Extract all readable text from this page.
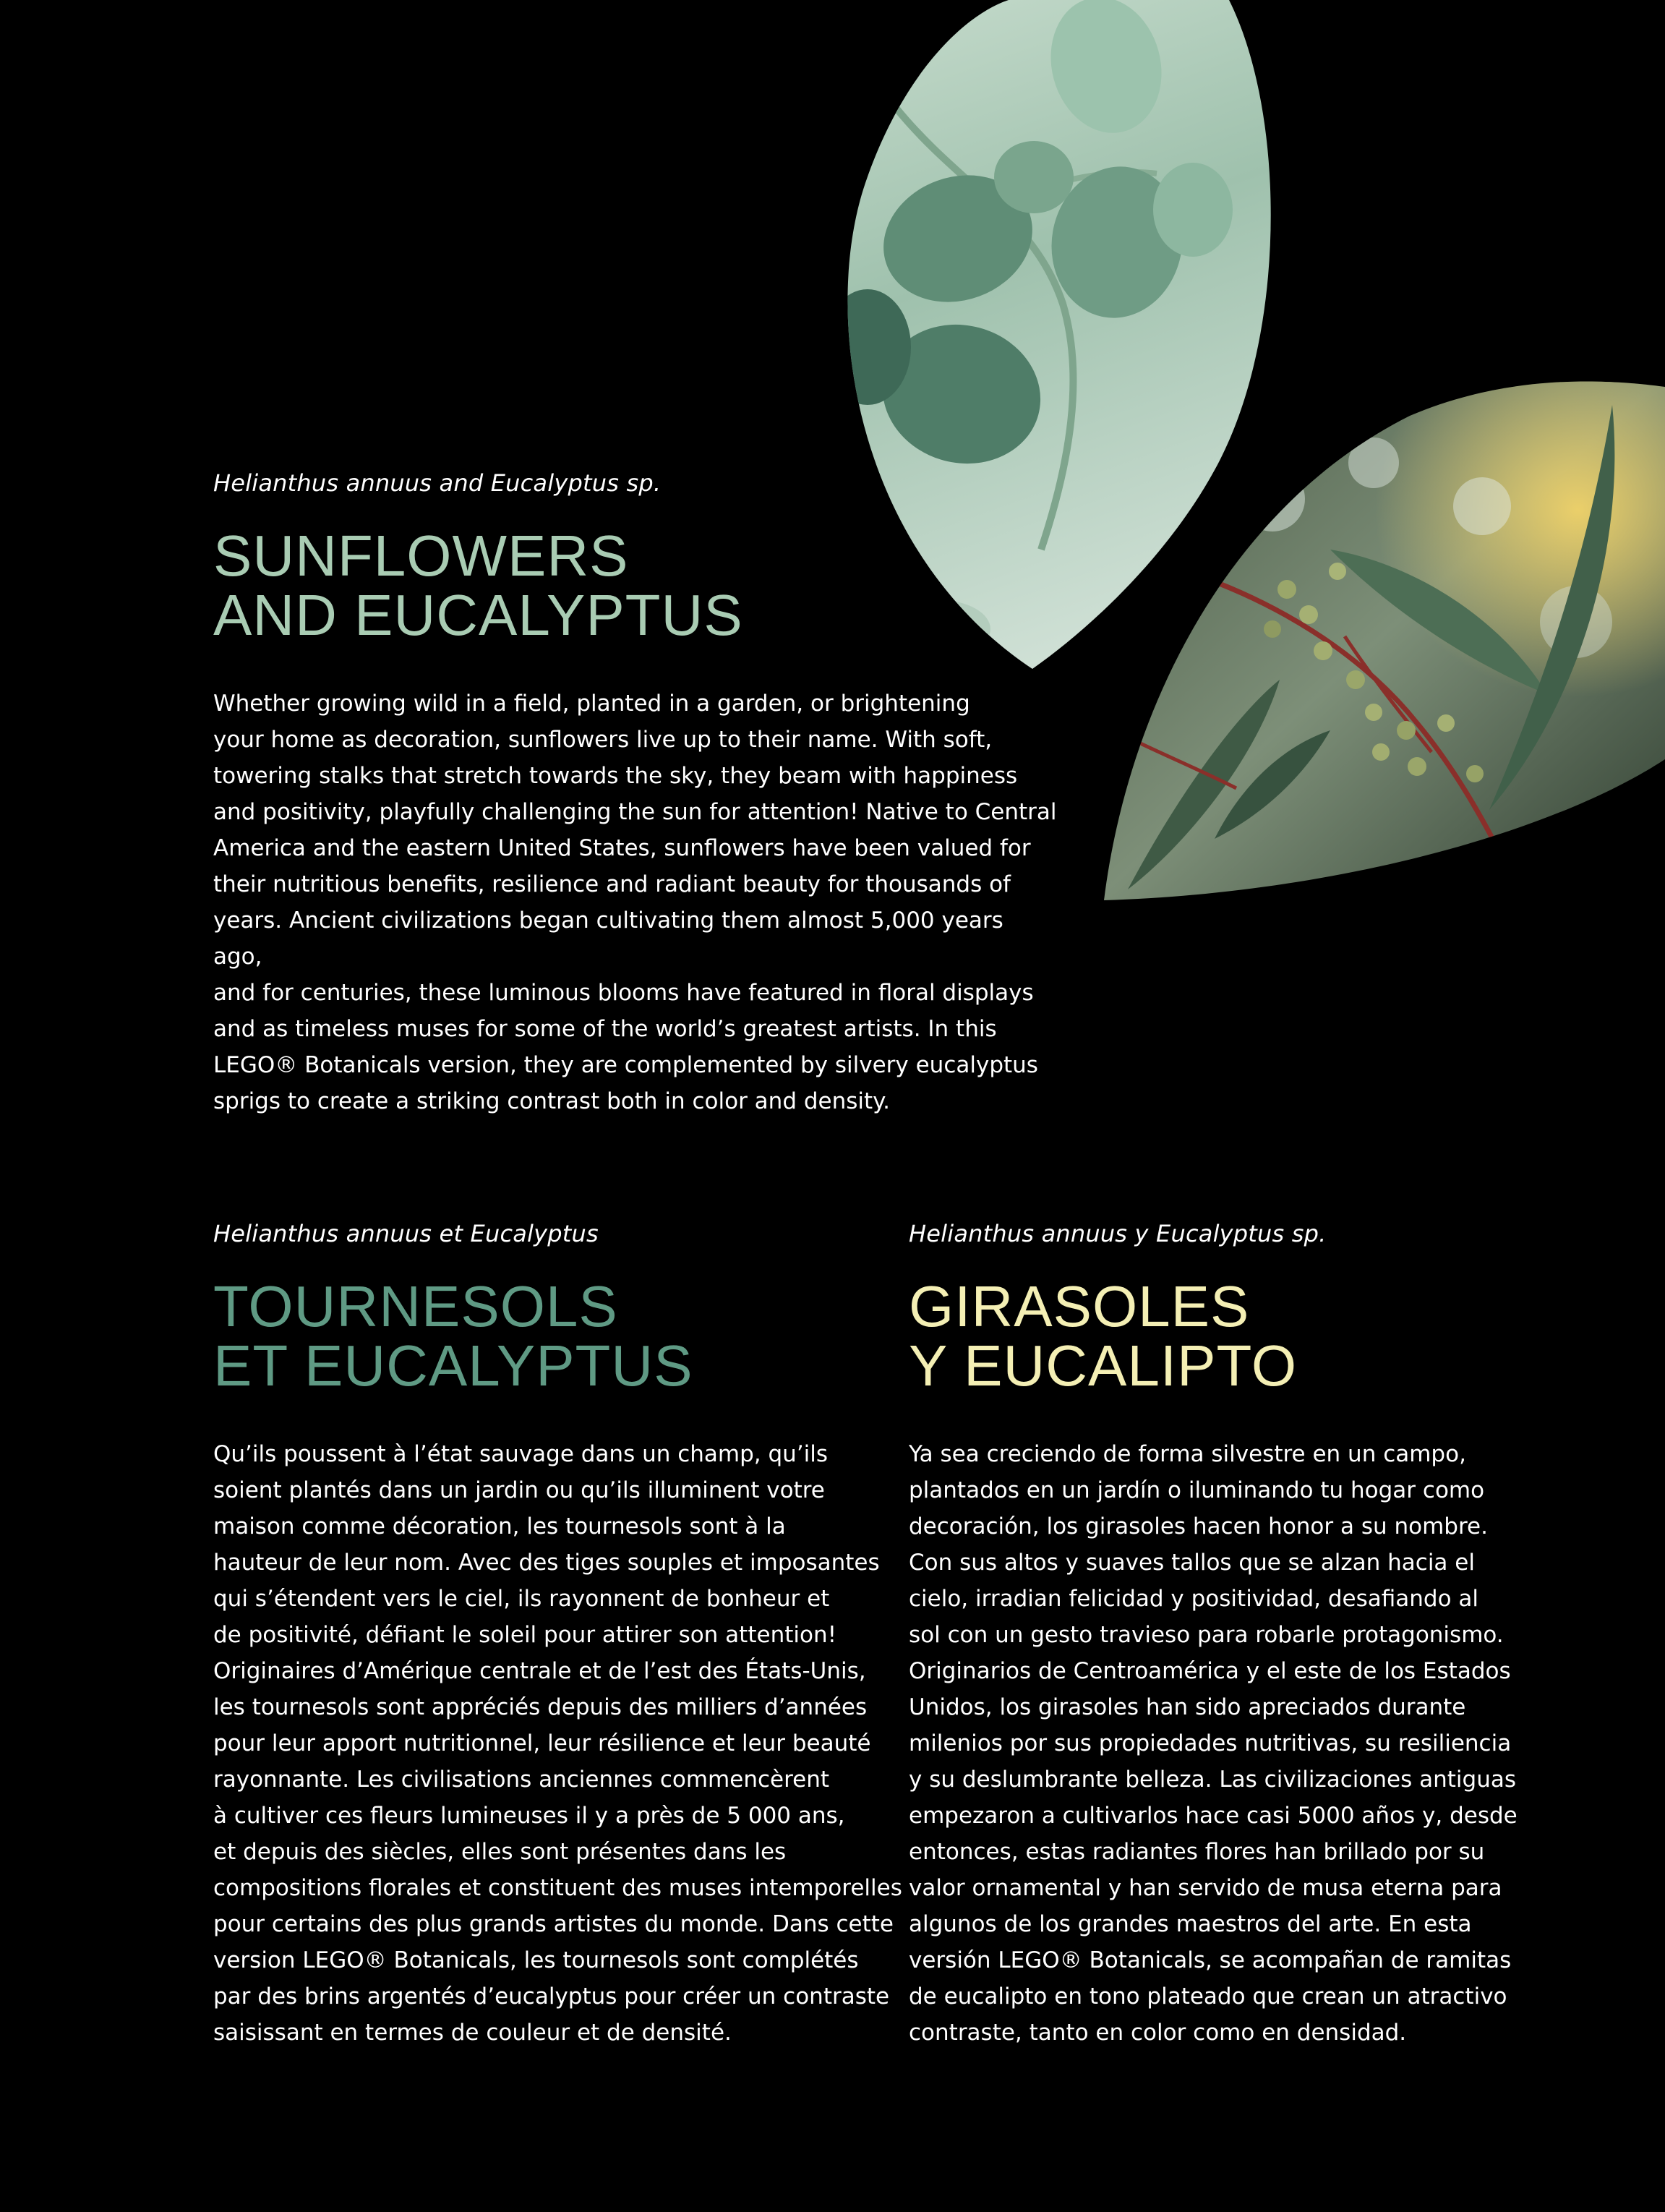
Helianthus annuus and Eucalyptus sp.

SUNFLOWERS
AND EUCALYPTUS

Whether growing wild in a field, planted in a garden, or brightening
your home as decoration, sunflowers live up to their name. With soft,
towering stalks that stretch towards the sky, they beam with happiness
and positivity, playfully challenging the sun for attention! Native to Central
America and the eastern United States, sunflowers have been valued for
their nutritious benefits, resilience and radiant beauty for thousands of
years. Ancient civilizations began cultivating them almost 5,000 years ago,
and for centuries, these luminous blooms have featured in floral displays
and as timeless muses for some of the world’s greatest artists. In this
LEGO® Botanicals version, they are complemented by silvery eucalyptus
sprigs to create a striking contrast both in color and density.

Helianthus annuus et Eucalyptus

TOURNESOLS
ET EUCALYPTUS

Qu’ils poussent à l’état sauvage dans un champ, qu’ils
soient plantés dans un jardin ou qu’ils illuminent votre
maison comme décoration, les tournesols sont à la
hauteur de leur nom. Avec des tiges souples et imposantes
qui s’étendent vers le ciel, ils rayonnent de bonheur et
de positivité, défiant le soleil pour attirer son attention!
Originaires d’Amérique centrale et de l’est des États-Unis,
les tournesols sont appréciés depuis des milliers d’années
pour leur apport nutritionnel, leur résilience et leur beauté
rayonnante. Les civilisations anciennes commencèrent
à cultiver ces fleurs lumineuses il y a près de 5 000 ans,
et depuis des siècles, elles sont présentes dans les
compositions florales et constituent des muses intemporelles
pour certains des plus grands artistes du monde. Dans cette
version LEGO® Botanicals, les tournesols sont complétés
par des brins argentés d’eucalyptus pour créer un contraste
saisissant en termes de couleur et de densité.

Helianthus annuus y Eucalyptus sp.

GIRASOLES
Y EUCALIPTO

Ya sea creciendo de forma silvestre en un campo,
plantados en un jardín o iluminando tu hogar como
decoración, los girasoles hacen honor a su nombre.
Con sus altos y suaves tallos que se alzan hacia el
cielo, irradian felicidad y positividad, desafiando al
sol con un gesto travieso para robarle protagonismo.
Originarios de Centroamérica y el este de los Estados
Unidos, los girasoles han sido apreciados durante
milenios por sus propiedades nutritivas, su resiliencia
y su deslumbrante belleza. Las civilizaciones antiguas
empezaron a cultivarlos hace casi 5000 años y, desde
entonces, estas radiantes flores han brillado por su
valor ornamental y han servido de musa eterna para
algunos de los grandes maestros del arte. En esta
versión LEGO® Botanicals, se acompañan de ramitas
de eucalipto en tono plateado que crean un atractivo
contraste, tanto en color como en densidad.
